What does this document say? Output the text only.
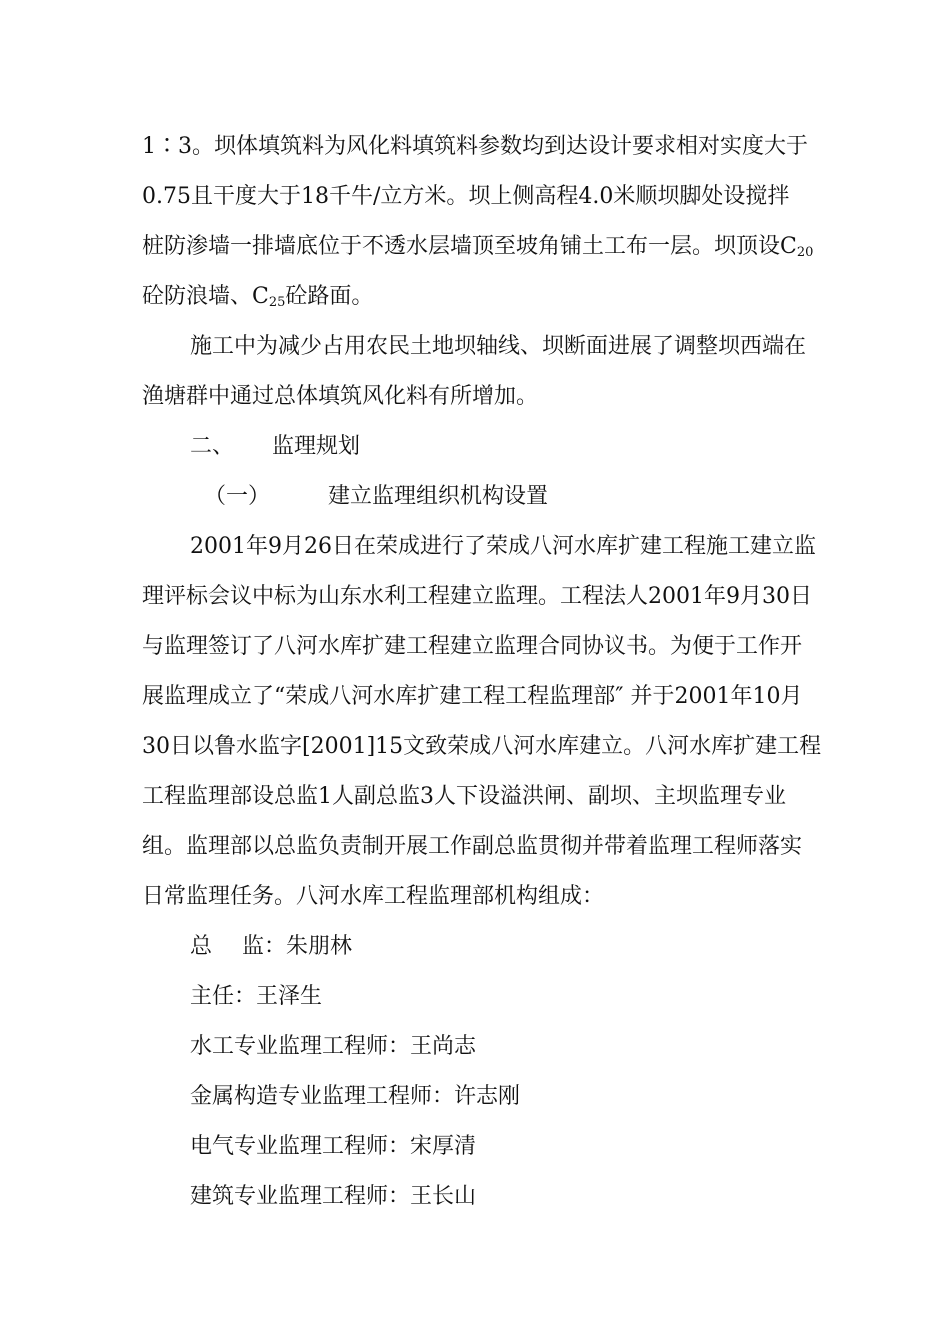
1∶3。坝体填筑料为风化料填筑料参数均到达设计要求相对实度大于
0.75且干度大于18千牛/立方米。坝上侧高程4.0米顺坝脚处设搅拌
桩防渗墙一排墙底位于不透水层墙顶至坡角铺土工布一层。坝顶设$C_{20}$
砼防浪墙、$C_{25}$砼路面。
施工中为减少占用农民土地坝轴线、坝断面进展了调整坝西端在
渔塘群中通过总体填筑风化料有所增加。
二、 监理规划
（一）	建立监理组织机构设置
2001年9月26日在荣成进行了荣成八河水库扩建工程施工建立监
理评标会议中标为山东水利工程建立监理。工程法人2001年9月30日
与监理签订了八河水库扩建工程建立监理合同协议书。为便于工作开
展监理成立了“荣成八河水库扩建工程工程监理部″ 并于2001年10月
30日以鲁水监字[2001]15文致荣成八河水库建立。八河水库扩建工程
工程监理部设总监1人副总监3人下设溢洪闸、副坝、主坝监理专业
组。监理部以总监负责制开展工作副总监贯彻并带着监理工程师落实
日常监理任务。八河水库工程监理部机构组成：
总 监：朱朋林
主任：王泽生
水工专业监理工程师：王尚志
金属构造专业监理工程师：许志刚
电气专业监理工程师：宋厚清
建筑专业监理工程师：王长山
